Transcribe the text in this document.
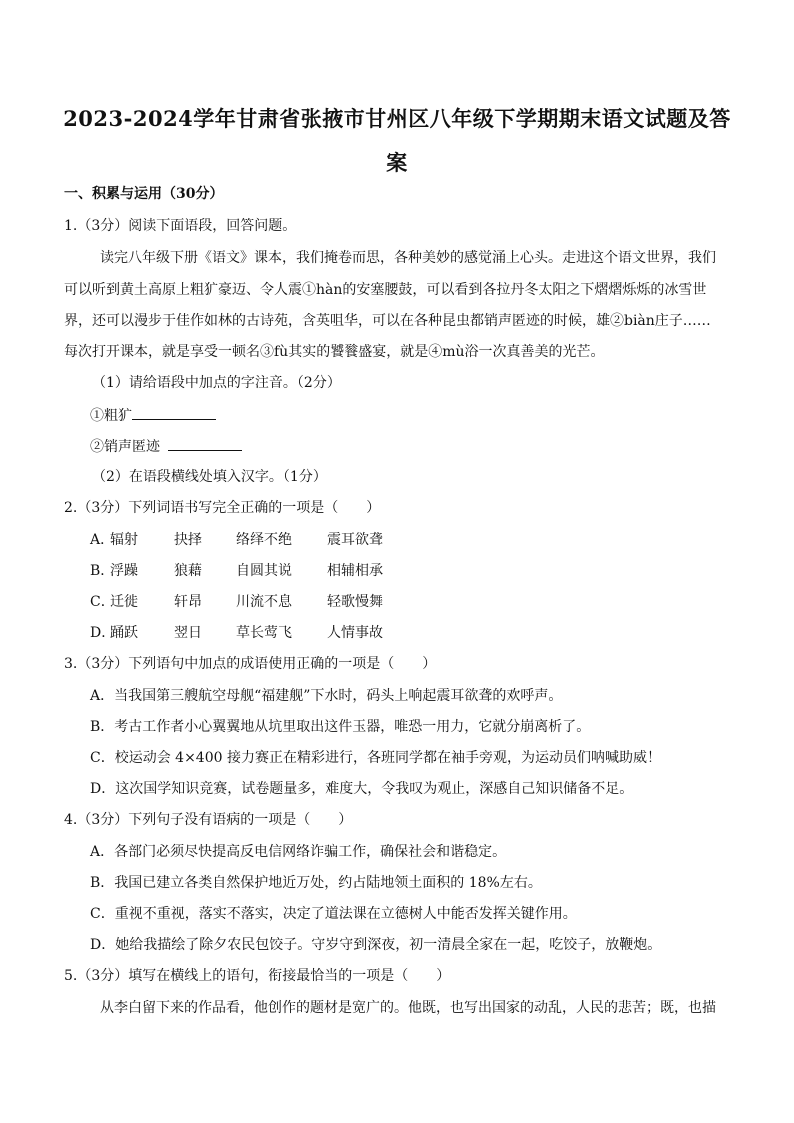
2023-2024学年甘肃省张掖市甘州区八年级下学期期末语文试题及答
案
一、积累与运用（30分）
1.（3分）阅读下面语段，回答问题。
读完八年级下册《语文》课本，我们掩卷而思，各种美妙的感觉涌上心头。走进这个语文世界，我们
可以听到黄土高原上粗犷豪迈、令人震①hàn的安塞腰鼓，可以看到各拉丹冬太阳之下熠熠烁烁的冰雪世
界，还可以漫步于佳作如林的古诗苑，含英咀华，可以在各种昆虫都销声匿迹的时候，雄②biàn庄子……
每次打开课本，就是享受一顿名③fù其实的饕餮盛宴，就是④mù浴一次真善美的光芒。
（1）请给语段中加点的字注音。（2分）
①粗犷
②销声匿迹
（2）在语段横线处填入汉字。（1分）
2.（3分）下列词语书写完全正确的一项是（　　）
A．
辐射	抉择 络绎不绝	震耳欲聋
B．
浮躁	狼藉 自圆其说	相辅相承
C．
迁徙	轩昂 川流不息	轻歌慢舞
D．
踊跃	翌日 草长莺飞	人情事故
3.（3分）下列语句中加点的成语使用正确的一项是（　　）
A．当我国第三艘航空母舰“福建舰”下水时，码头上响起震耳欲聋的欢呼声。
B．考古工作者小心翼翼地从坑里取出这件玉器，唯恐一用力，它就分崩离析了。
C．校运动会 4×400 接力赛正在精彩进行，各班同学都在袖手旁观，为运动员们呐喊助威！
D．这次国学知识竞赛，试卷题量多，难度大，令我叹为观止，深感自己知识储备不足。
4.（3分）下列句子没有语病的一项是（　　）
A．各部门必须尽快提高反电信网络诈骗工作，确保社会和谐稳定。
B．我国已建立各类自然保护地近万处，约占陆地领土面积的 18%左右。
C．重视不重视，落实不落实，决定了道法课在立德树人中能否发挥关键作用。
D．她给我描绘了除夕农民包饺子。守岁守到深夜，初一清晨全家在一起，吃饺子，放鞭炮。
5.（3分）填写在横线上的语句，衔接最恰当的一项是（　　）
从李白留下来的作品看，他创作的题材是宽广的。他既，也写出国家的动乱，人民的悲苦；既，也描
